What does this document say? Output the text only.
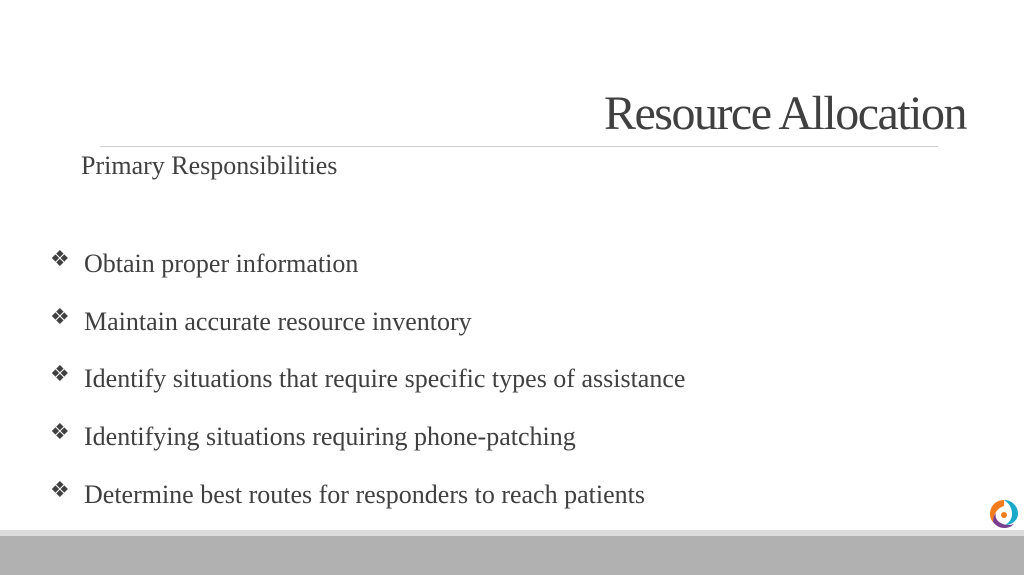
Resource Allocation
Primary Responsibilities
❖ Obtain proper information
❖ Maintain accurate resource inventory
❖ Identify situations that require specific types of assistance
❖ Identifying situations requiring phone-patching
❖ Determine best routes for responders to reach patients
